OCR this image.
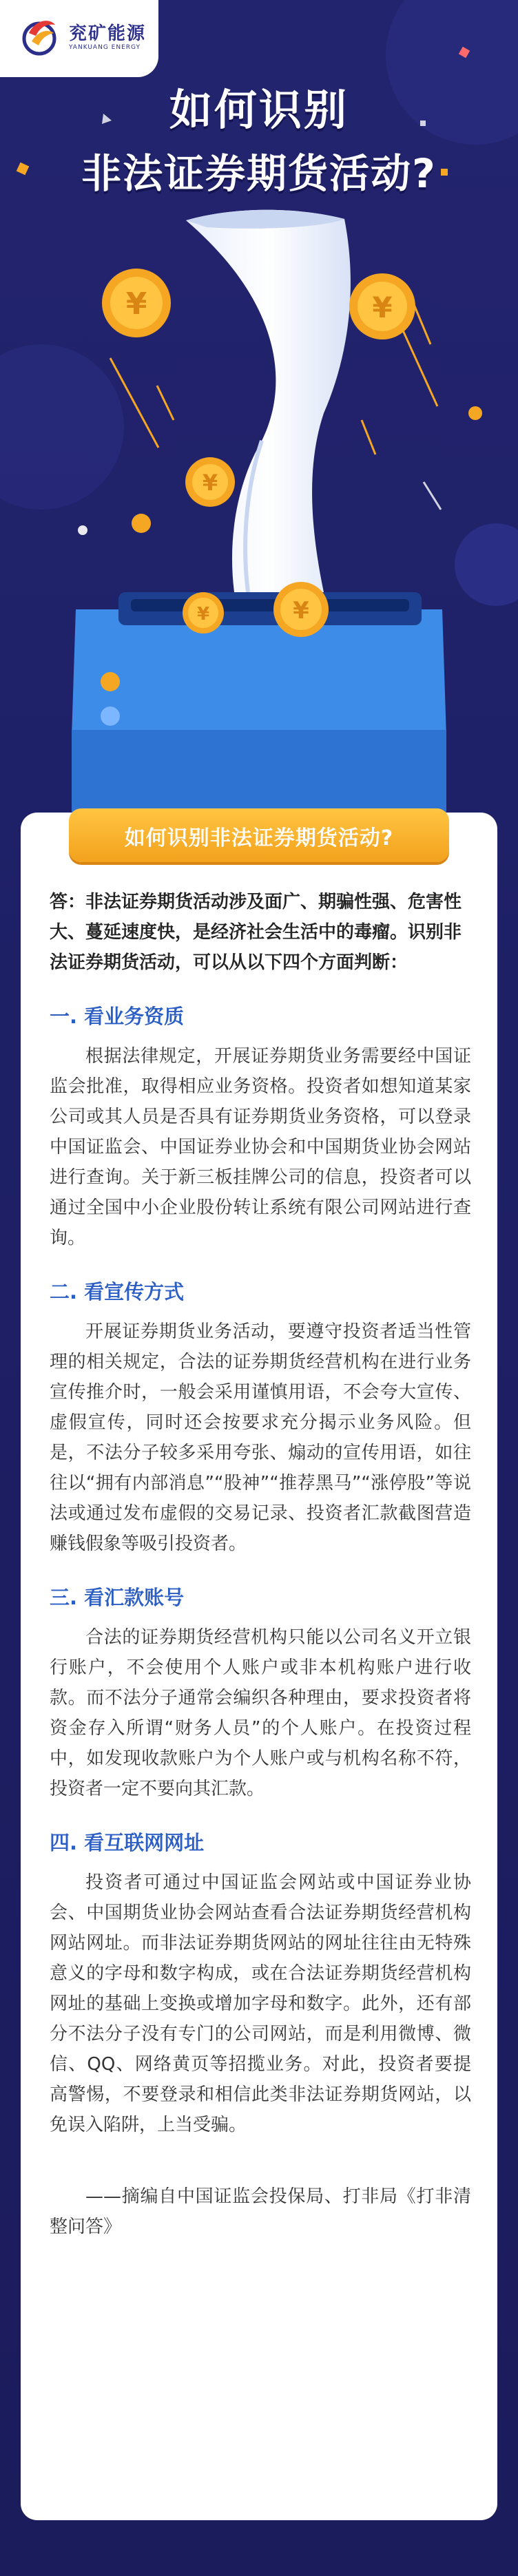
¥	¥
¥
¥
¥
兖矿能源
YANKUANG ENERGY
如何识别
非法证券期货活动?
如何识别非法证券期货活动?

答：非法证券期货活动涉及面广、期骗性强、危害性大、蔓延速度快，是经济社会生活中的毒瘤。识别非法证券期货活动，可以从以下四个方面判断：

一. 看业务资质

根据法律规定，开展证券期货业务需要经中国证监会批准，取得相应业务资格。投资者如想知道某家公司或其人员是否具有证券期货业务资格，可以登录中国证监会、中国证券业协会和中国期货业协会网站进行查询。关于新三板挂牌公司的信息，投资者可以通过全国中小企业股份转让系统有限公司网站进行查询。

二. 看宣传方式

开展证券期货业务活动，要遵守投资者适当性管理的相关规定，合法的证券期货经营机构在进行业务宣传推介时，一般会采用谨慎用语，不会夸大宣传、虚假宣传，同时还会按要求充分揭示业务风险。但是，不法分子较多采用夸张、煽动的宣传用语，如往往以“拥有内部消息”“股神”“推荐黑马”“涨停股”等说法或通过发布虚假的交易记录、投资者汇款截图营造赚钱假象等吸引投资者。

三. 看汇款账号

合法的证券期货经营机构只能以公司名义开立银行账户，不会使用个人账户或非本机构账户进行收款。而不法分子通常会编织各种理由，要求投资者将资金存入所谓“财务人员”的个人账户。在投资过程中，如发现收款账户为个人账户或与机构名称不符，投资者一定不要向其汇款。

四. 看互联网网址

投资者可通过中国证监会网站或中国证券业协会、中国期货业协会网站查看合法证券期货经营机构网站网址。而非法证券期货网站的网址往往由无特殊意义的字母和数字构成，或在合法证券期货经营机构网址的基础上变换或增加字母和数字。此外，还有部分不法分子没有专门的公司网站，而是利用微博、微信、QQ、网络黄页等招揽业务。对此，投资者要提高警惕，不要登录和相信此类非法证券期货网站，以免误入陷阱，上当受骗。

——摘编自中国证监会投保局、打非局《打非清整问答》
